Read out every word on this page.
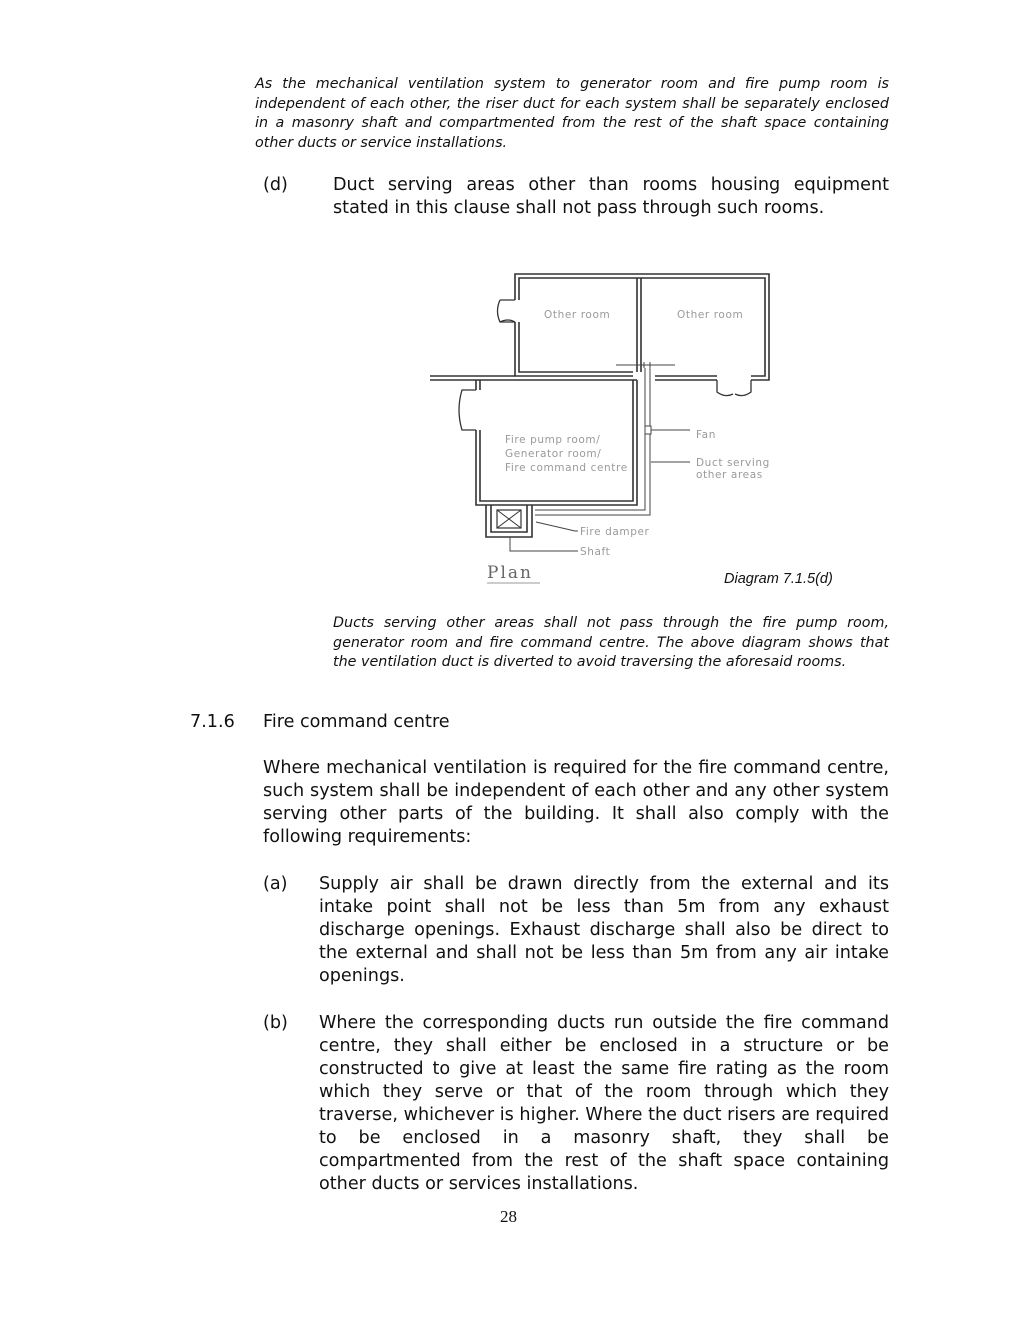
As the mechanical ventilation system to generator room and fire pump room is independent of each other, the riser duct for each system shall be separately enclosed in a masonry shaft and compartmented from the rest of the shaft space containing other ducts or service installations.
(d)	Duct serving areas other than rooms housing equipment stated in this clause shall not pass through such rooms.
Other room	Other room
Fire pump room/
Generator room/
Fire command centre
Fan
Duct serving
other areas
Fire damper
Shaft
Plan	Diagram 7.1.5(d)
Ducts serving other areas shall not pass through the fire pump room, generator room and fire command centre. The above diagram shows that the ventilation duct is diverted to avoid traversing the aforesaid rooms.
7.1.6 Fire command centre
Where mechanical ventilation is required for the fire command centre, such system shall be independent of each other and any other system serving other parts of the building. It shall also comply with the following requirements:
(a) Supply air shall be drawn directly from the external and its intake point shall not be less than 5m from any exhaust discharge openings. Exhaust discharge shall also be direct to the external and shall not be less than 5m from any air intake openings.
(b) Where the corresponding ducts run outside the fire command centre, they shall either be enclosed in a structure or be constructed to give at least the same fire rating as the room which they serve or that of the room through which they traverse, whichever is higher. Where the duct risers are required to be enclosed in a masonry shaft, they shall be compartmented from the rest of the shaft space containing other ducts or services installations.
28
